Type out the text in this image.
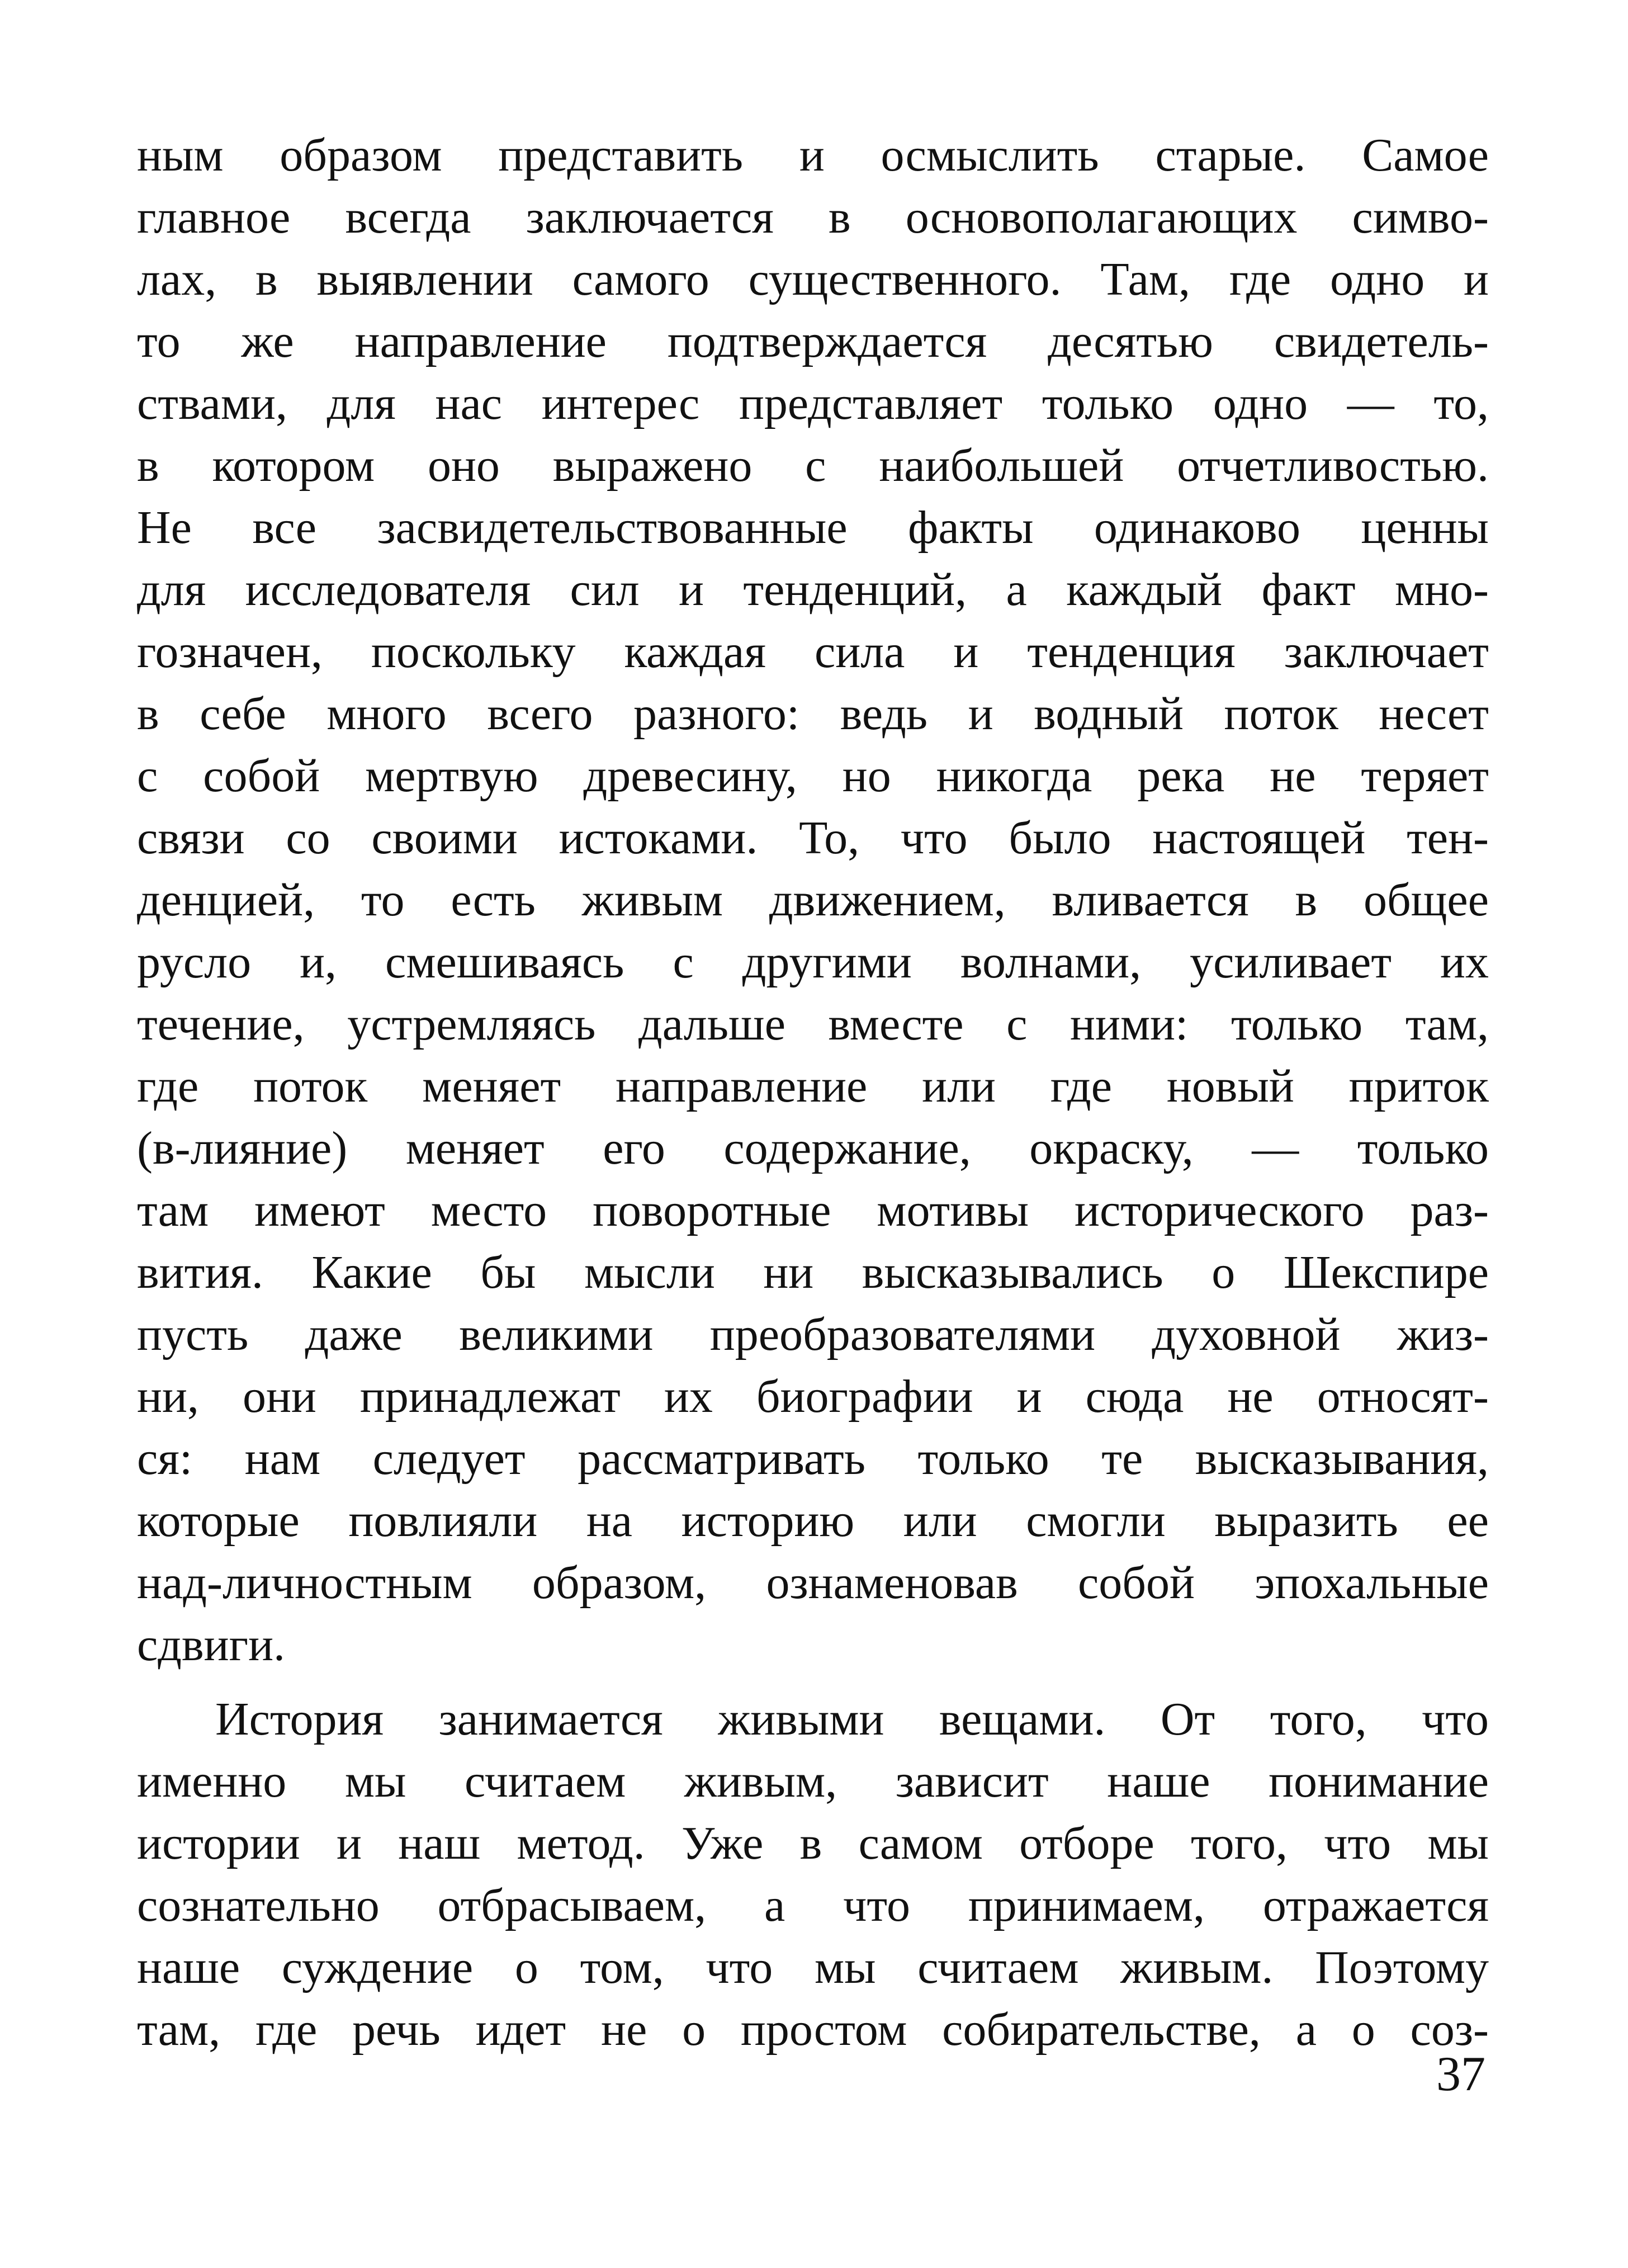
ным образом представить и осмыслить старые. Самое
главное всегда заключается в основополагающих симво-
лах, в выявлении самого существенного. Там, где одно и
то же направление подтверждается десятью свидетель-
ствами, для нас интерес представляет только одно — то,
в котором оно выражено с наибольшей отчетливостью.
Не все засвидетельствованные факты одинаково ценны
для исследователя сил и тенденций, а каждый факт мно-
гозначен, поскольку каждая сила и тенденция заключает
в себе много всего разного: ведь и водный поток несет
с собой мертвую древесину, но никогда река не теряет
связи со своими истоками. То, что было настоящей тен-
денцией, то есть живым движением, вливается в общее
русло и, смешиваясь с другими волнами, усиливает их
течение, устремляясь дальше вместе с ними: только там,
где поток меняет направление или где новый приток
(в-лияние) меняет его содержание, окраску, — только
там имеют место поворотные мотивы исторического раз-
вития. Какие бы мысли ни высказывались о Шекспире
пусть даже великими преобразователями духовной жиз-
ни, они принадлежат их биографии и сюда не относят-
ся: нам следует рассматривать только те высказывания,
которые повлияли на историю или смогли выразить ее
над-личностным образом, ознаменовав собой эпохальные
сдвиги.
История занимается живыми вещами. От того, что
именно мы считаем живым, зависит наше понимание
истории и наш метод. Уже в самом отборе того, что мы
сознательно отбрасываем, а что принимаем, отражается
наше суждение о том, что мы считаем живым. Поэтому
там, где речь идет не о простом собирательстве, а о соз-
37
